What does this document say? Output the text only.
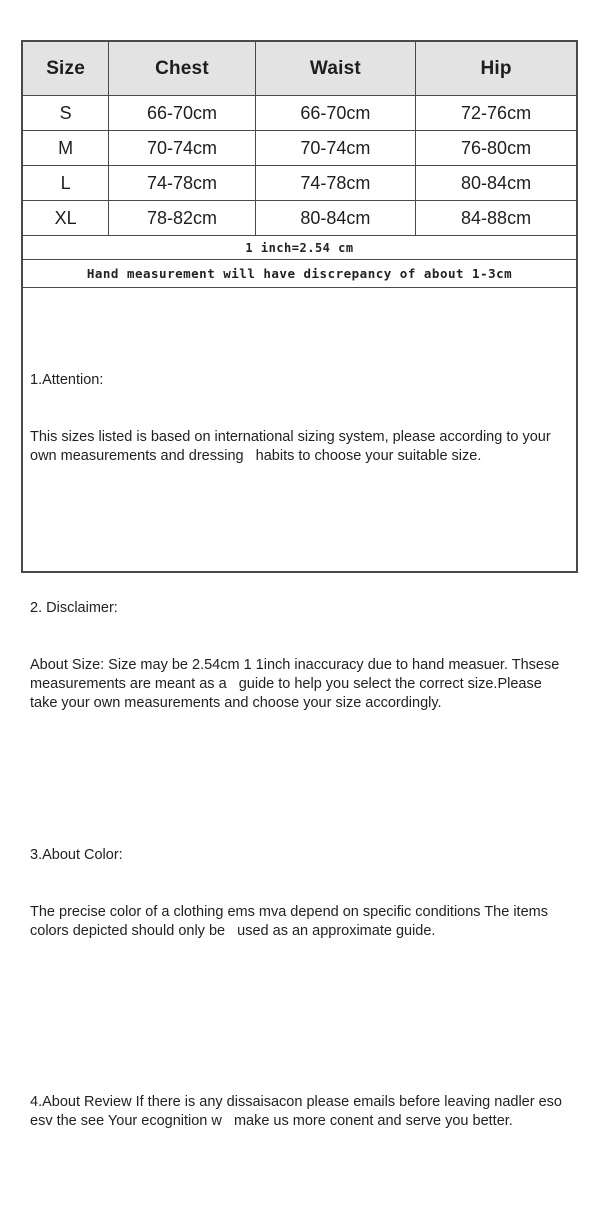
Size	Chest	Waist	Hip
S	66-70cm	66-70cm	72-76cm
M	70-74cm	70-74cm	76-80cm
L	74-78cm	74-78cm	80-84cm
XL	78-82cm	80-84cm	84-88cm
1 inch=2.54 cm
Hand measurement will have discrepancy of about 1-3cm

1.Attention:

This sizes listed is based on international sizing system, please according to your own measurements and dressing   habits to choose your suitable size.

2. Disclaimer:

About Size: Size may be 2.54cm 1 1inch inaccuracy due to hand measuer. Thsese measurements are meant as a   guide to help you select the correct size.Please take your own measurements and choose your size accordingly.

3.About Color:

The precise color of a clothing ems mva depend on specific conditions The items colors depicted should only be   used as an approximate guide.

4.About Review If there is any dissaisacon please emails before leaving nadler eso esv the see Your ecognition w   make us more conent and serve you better.
